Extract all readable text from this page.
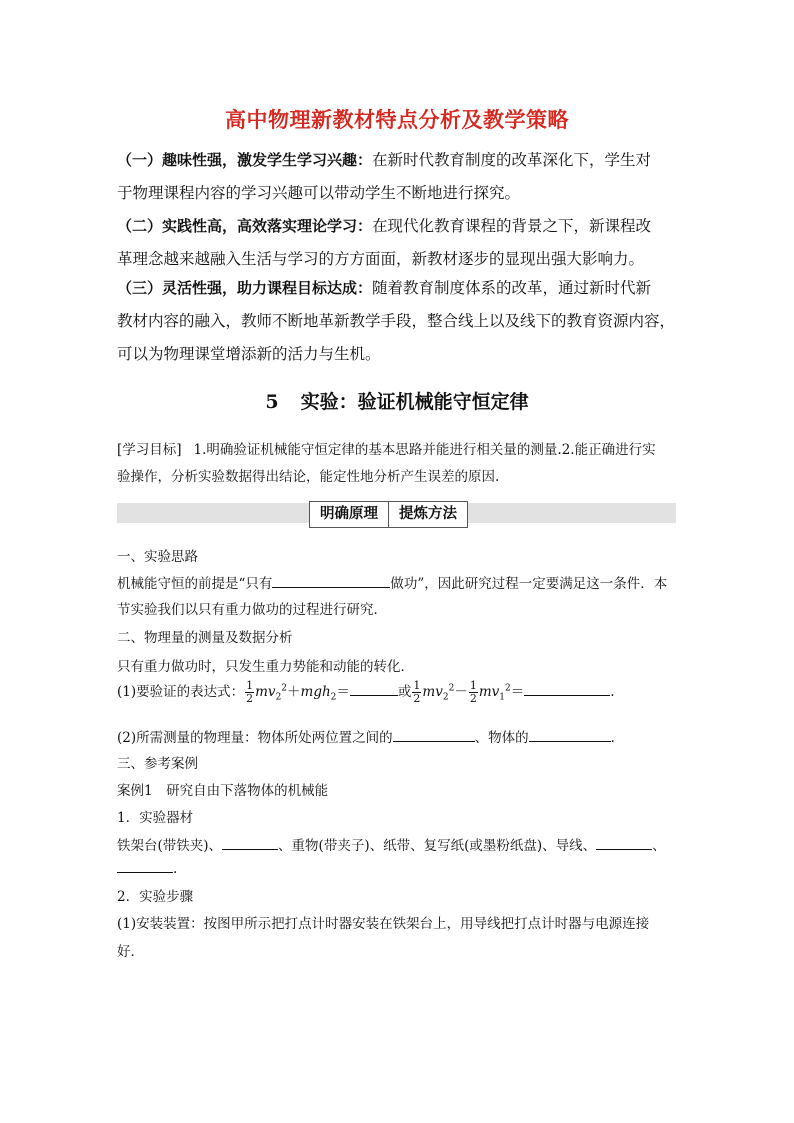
高中物理新教材特点分析及教学策略

（一）趣味性强，激发学生学习兴趣：在新时代教育制度的改革深化下，学生对

于物理课程内容的学习兴趣可以带动学生不断地进行探究。

（二）实践性高，高效落实理论学习：在现代化教育课程的背景之下，新课程改

革理念越来越融入生活与学习的方方面面，新教材逐步的显现出强大影响力。

（三）灵活性强，助力课程目标达成：随着教育制度体系的改革，通过新时代新

教材内容的融入，教师不断地革新教学手段，整合线上以及线下的教育资源内容，

可以为物理课堂增添新的活力与生机。

5 实验：验证机械能守恒定律
[学习目标] 1.明确验证机械能守恒定律的基本思路并能进行相关量的测量.2.能正确进行实
验操作，分析实验数据得出结论，能定性地分析产生误差的原因.
明确原理	提炼方法
一、实验思路
机械能守恒的前提是“只有	做功”，因此研究过程一定要满足这一条件．本
节实验我们以只有重力做功的过程进行研究．
二、物理量的测量及数据分析
只有重力做功时，只发生重力势能和动能的转化．
(1)要验证的表达式： $\frac{1}{2} mv_2^2+mgh_2=$	或 $\frac{1}{2} mv_2^2- \frac{1}{2} mv_1^2=$	.
(2)所需测量的物理量：物体所处两位置之间的	、物体的	．
三、参考案例
案例1　研究自由下落物体的机械能
1．实验器材
铁架台(带铁夹)、	、重物(带夹子)、纸带、复写纸(或墨粉纸盘)、导线、	、
.
2．实验步骤
(1)安装装置：按图甲所示把打点计时器安装在铁架台上，用导线把打点计时器与电源连接
好．
